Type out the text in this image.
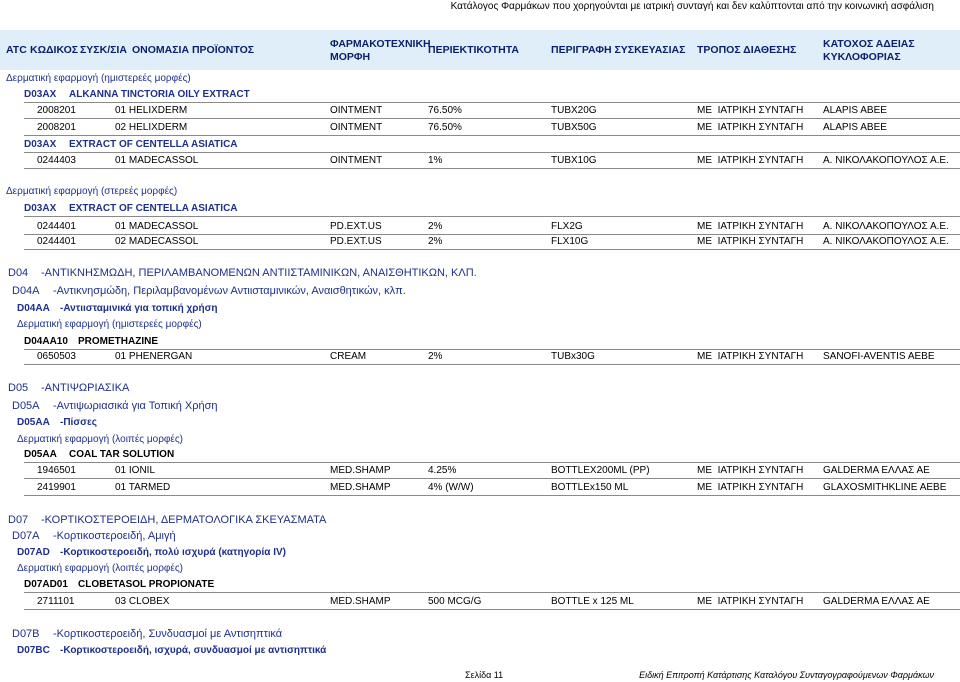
Κατάλογος Φαρμάκων που χορηγούνται με ιατρική συνταγή και δεν καλύπτονται από την κοινωνική ασφάλιση
ATC ΚΩΔΙΚΟΣ ΣΥΣΚ/ΣΙΑ ΟΝΟΜΑΣΙΑ ΠΡΟΪΟΝΤΟΣ	ΦΑΡΜΑΚΟΤΕΧΝΙΚΗ
ΜΟΡΦΗ
ΠΕΡΙΕΚΤΙΚΟΤΗΤΑ	ΠΕΡΙΓΡΑΦΗ ΣΥΣΚΕΥΑΣΙΑΣ ΤΡΟΠΟΣ ΔΙΑΘΕΣΗΣ	ΚΑΤΟΧΟΣ ΑΔΕΙΑΣ
ΚΥΚΛΟΦΟΡΙΑΣ
Δερματική εφαρμογή (ημιστερεές μορφές)
D03AX ALKANNA TINCTORIA OILY EXTRACT
2008201	01 HELIXDERM	OINTMENT	76.50%	TUBX20G	ΜΕ ΙΑΤΡΙΚΗ ΣΥΝΤΑΓΗ ALAPIS ABEE
2008201	02 HELIXDERM	OINTMENT	76.50%	TUBX50G	ΜΕ ΙΑΤΡΙΚΗ ΣΥΝΤΑΓΗ ALAPIS ABEE
D03AX EXTRACT OF CENTELLA ASIATICA
0244403	01 MADECASSOL	OINTMENT	1%	TUBX10G	ΜΕ ΙΑΤΡΙΚΗ ΣΥΝΤΑΓΗ Α. ΝΙΚΟΛΑΚΟΠΟΥΛΟΣ Α.Ε.
Δερματική εφαρμογή (στερεές μορφές)
D03AX EXTRACT OF CENTELLA ASIATICA
0244401	01 MADECASSOL	PD.EXT.US	2%	FLX2G	ΜΕ ΙΑΤΡΙΚΗ ΣΥΝΤΑΓΗ Α. ΝΙΚΟΛΑΚΟΠΟΥΛΟΣ Α.Ε.
0244401	02 MADECASSOL	PD.EXT.US	2%	FLX10G	ΜΕ ΙΑΤΡΙΚΗ ΣΥΝΤΑΓΗ Α. ΝΙΚΟΛΑΚΟΠΟΥΛΟΣ Α.Ε.
D04 -ΑΝΤΙΚΝΗΣΜΩΔΗ, ΠΕΡΙΛΑΜΒΑΝΟΜΕΝΩΝ ΑΝΤΙΙΣΤΑΜΙΝΙΚΩΝ, ΑΝΑΙΣΘΗΤΙΚΩΝ, ΚΛΠ.
D04A -Αντικνησμώδη, Περιλαμβανομένων Αντιισταμινικών, Αναισθητικών, κλπ.
D04AA -Αντιισταμινικά για τοπική χρήση
Δερματική εφαρμογή (ημιστερεές μορφές)
D04AA10 PROMETHAZINE
0650503	01 PHENERGAN	CREAM	2%	TUBx30G	ΜΕ ΙΑΤΡΙΚΗ ΣΥΝΤΑΓΗ SANOFI-AVENTIS AEBE
D05 -ΑΝΤΙΨΩΡΙΑΣΙΚΑ
D05A -Αντιψωριασικά για Τοπική Χρήση
D05AA -Πίσσες
Δερματική εφαρμογή (λοιπές μορφές)
D05AA COAL TAR SOLUTION
1946501	01 IONIL	MED.SHAMP	4.25%	BOTTLEX200ML (PP)	ΜΕ ΙΑΤΡΙΚΗ ΣΥΝΤΑΓΗ GALDERMA ΕΛΛΑΣ ΑΕ
2419901	01 TARMED	MED.SHAMP	4% (W/W)	BOTTLEx150 ML	ΜΕ ΙΑΤΡΙΚΗ ΣΥΝΤΑΓΗ GLAXOSMITHKLINE AEBE
D07 -ΚΟΡΤΙΚΟΣΤΕΡΟΕΙΔΗ, ΔΕΡΜΑΤΟΛΟΓΙΚΑ ΣΚΕΥΑΣΜΑΤΑ
D07A -Κορτικοστεροειδή, Αμιγή
D07AD -Κορτικοστεροειδή, πολύ ισχυρά (κατηγορία IV)
Δερματική εφαρμογή (λοιπές μορφές)
D07AD01 CLOBETASOL PROPIONATE
2711101	03 CLOBEX	MED.SHAMP	500 MCG/G	BOTTLE x 125 ML	ΜΕ ΙΑΤΡΙΚΗ ΣΥΝΤΑΓΗ GALDERMA ΕΛΛΑΣ ΑΕ
D07B -Κορτικοστεροειδή, Συνδυασμοί με Αντισηπτικά
D07BC -Κορτικοστεροειδή, ισχυρά, συνδυασμοί με αντισηπτικά
Σελίδα 11	Ειδική Επιτροπή Κατάρτισης Καταλόγου Συνταγογραφούμενων Φαρμάκων
